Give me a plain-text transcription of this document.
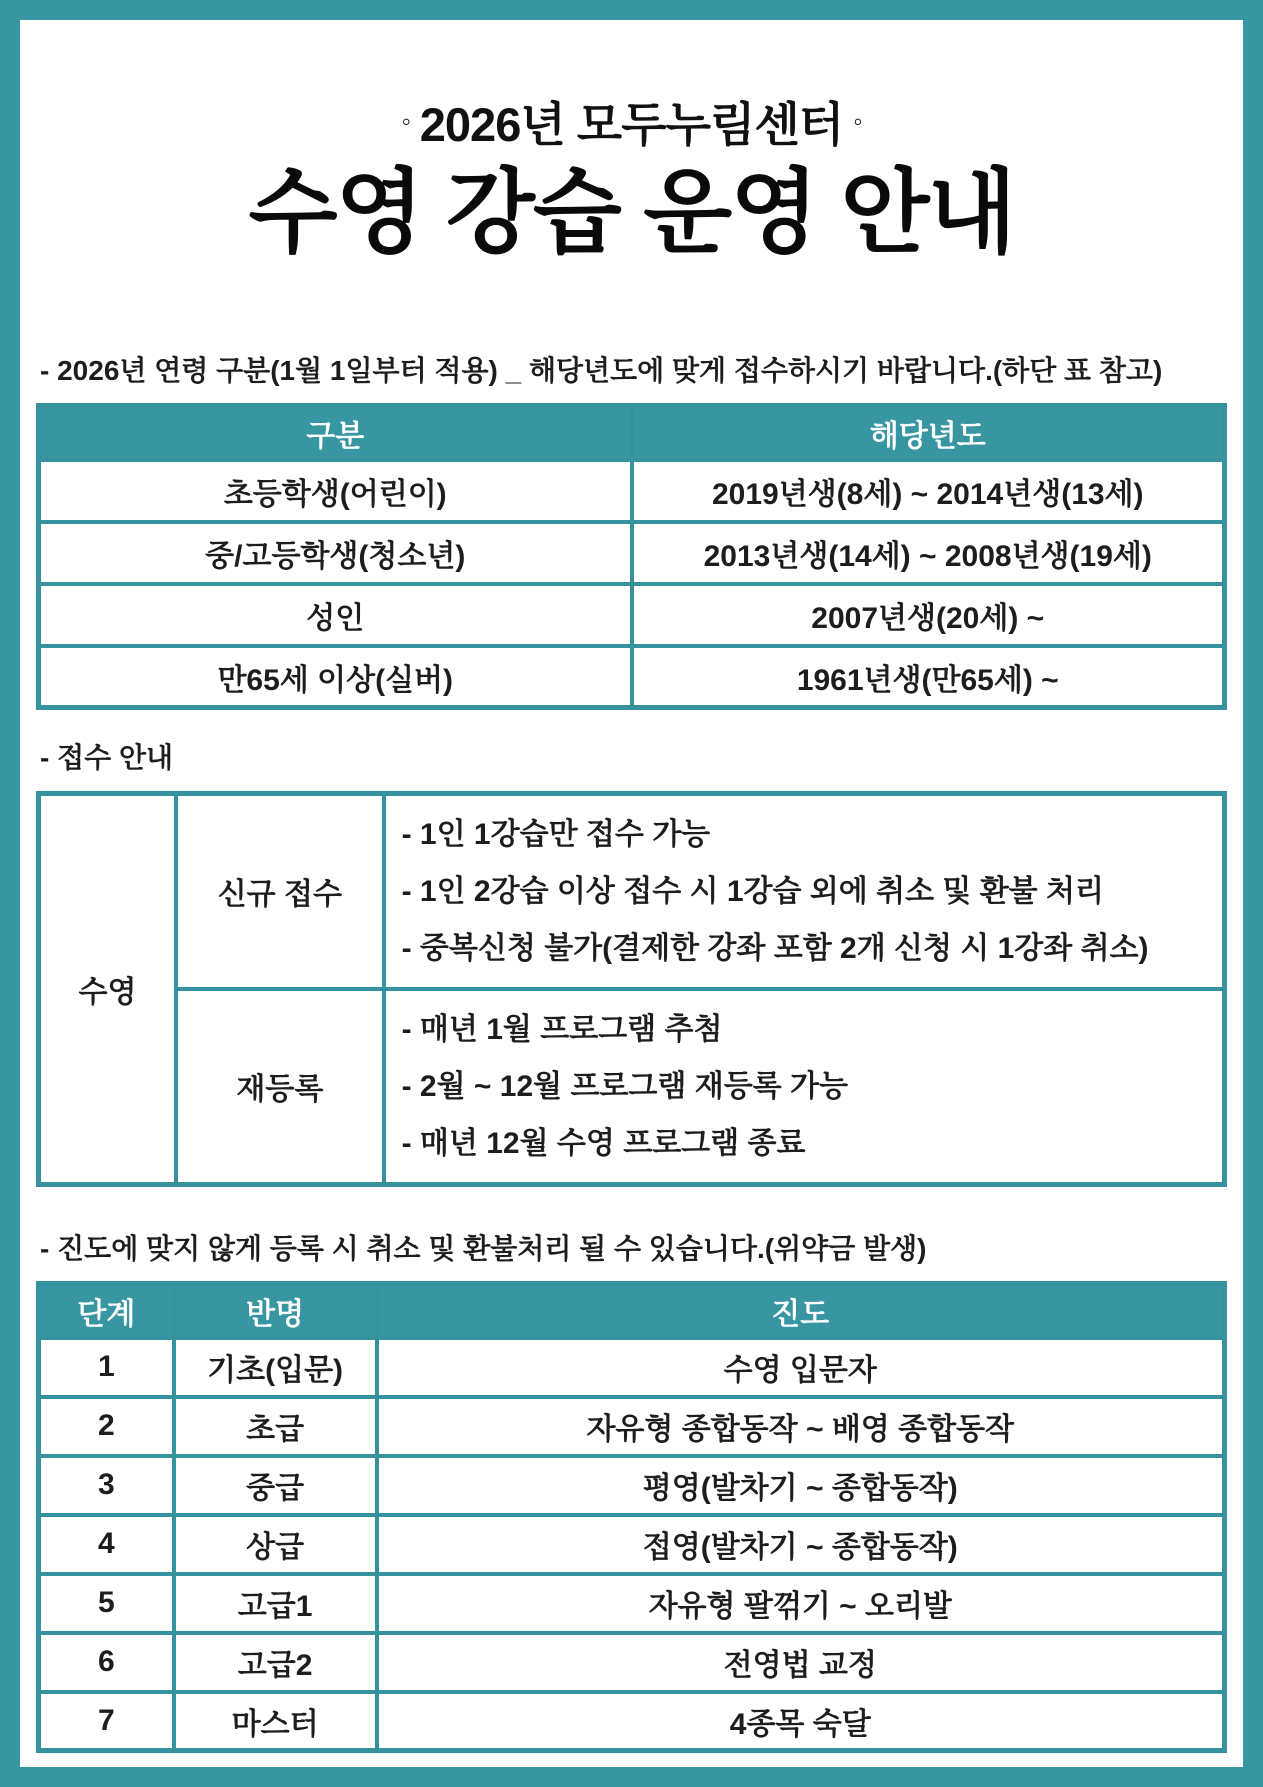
◦ 2026년 모두누림센터 ◦
수영 강습 운영 안내

- 2026년 연령 구분(1월 1일부터 적용) _ 해당년도에 맞게 접수하시기 바랍니다.(하단 표 참고)

구분	해당년도
초등학생(어린이)	2019년생(8세) ~ 2014년생(13세)
중/고등학생(청소년)	2013년생(14세) ~ 2008년생(19세)
성인	2007년생(20세) ~
만65세 이상(실버)	1961년생(만65세) ~

- 접수 안내

수영	신규 접수	- 1인 1강습만 접수 가능
- 1인 2강습 이상 접수 시 1강습 외에 취소 및 환불 처리
- 중복신청 불가(결제한 강좌 포함 2개 신청 시 1강좌 취소)

	재등록	- 매년 1월 프로그램 추첨
- 2월 ~ 12월 프로그램 재등록 가능
- 매년 12월 수영 프로그램 종료

- 진도에 맞지 않게 등록 시 취소 및 환불처리 될 수 있습니다.(위약금 발생)

단계	반명	진도
1	기초(입문)	수영 입문자
2	초급	자유형 종합동작 ~ 배영 종합동작
3	중급	평영(발차기 ~ 종합동작)
4	상급	접영(발차기 ~ 종합동작)
5	고급1	자유형 팔꺾기 ~ 오리발
6	고급2	전영법 교정
7	마스터	4종목 숙달
